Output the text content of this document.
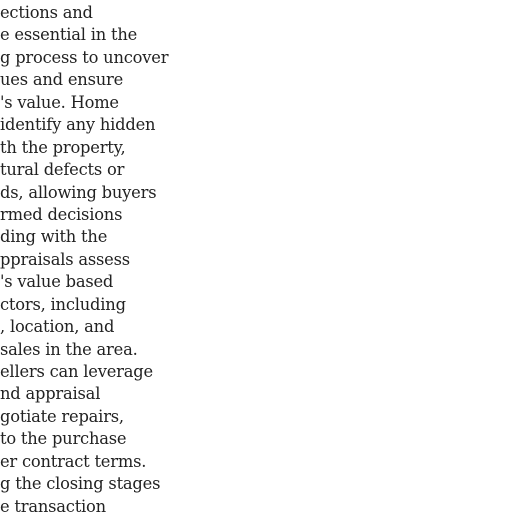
ections and
e essential in the
g process to uncover
ues and ensure
's value. Home
identify any hidden
th the property,
tural defects or
ds, allowing buyers
rmed decisions
ding with the
ppraisals assess
's value based
ctors, including
, location, and
sales in the area.
ellers can leverage
nd appraisal
gotiate repairs,
to the purchase
er contract terms.
g the closing stages
e transaction
